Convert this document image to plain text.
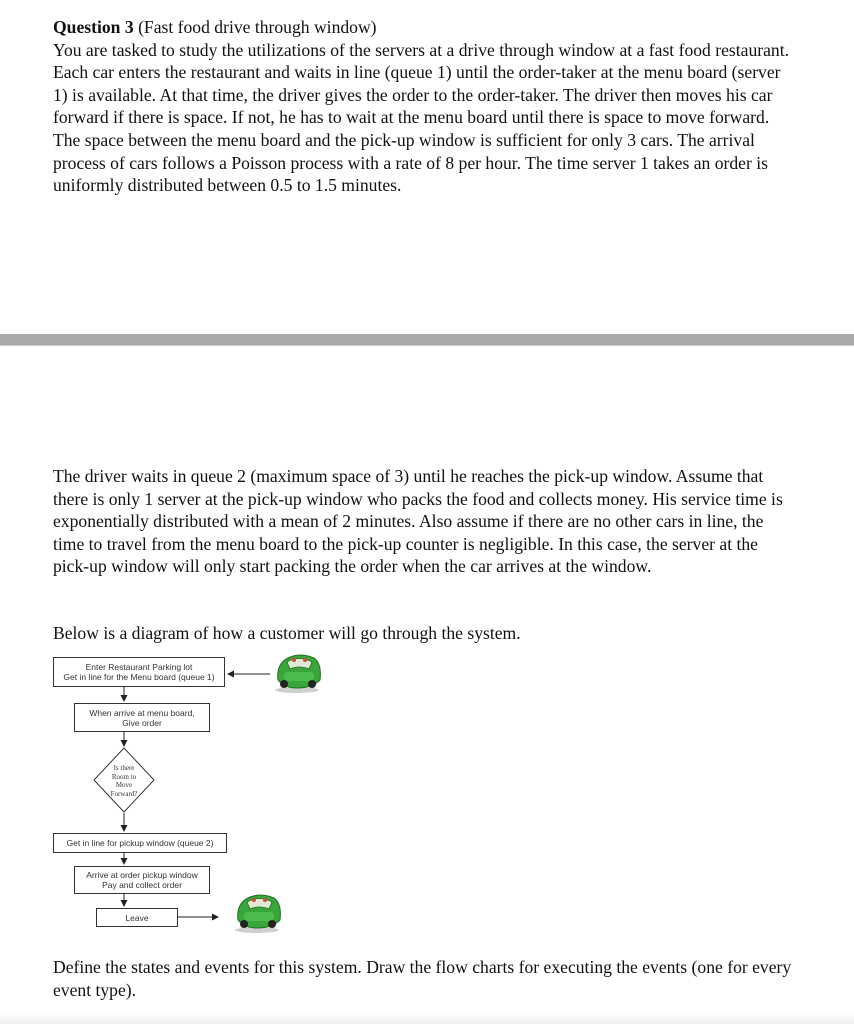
Question 3 (Fast food drive through window)
You are tasked to study the utilizations of the servers at a drive through window at a fast food restaurant. Each car enters the restaurant and waits in line (queue 1) until the order-taker at the menu board (server 1) is available. At that time, the driver gives the order to the order-taker. The driver then moves his car forward if there is space. If not, he has to wait at the menu board until there is space to move forward. The space between the menu board and the pick-up window is sufficient for only 3 cars. The arrival process of cars follows a Poisson process with a rate of 8 per hour. The time server 1 takes an order is uniformly distributed between 0.5 to 1.5 minutes.

The driver waits in queue 2 (maximum space of 3) until he reaches the pick-up window. Assume that there is only 1 server at the pick-up window who packs the food and collects money. His service time is exponentially distributed with a mean of 2 minutes. Also assume if there are no other cars in line, the time to travel from the menu board to the pick-up counter is negligible. In this case, the server at the pick-up window will only start packing the order when the car arrives at the window.

Below is a diagram of how a customer will go through the system.

Enter Restaurant Parking lot
Get in line for the Menu board (queue 1)
When arrive at menu board,
Give order
Is there
Room to
Move
Forward?
Get in line for pickup window (queue 2)
Arrive at order pickup window
Pay and collect order
Leave

Define the states and events for this system. Draw the flow charts for executing the events (one for every event type).
